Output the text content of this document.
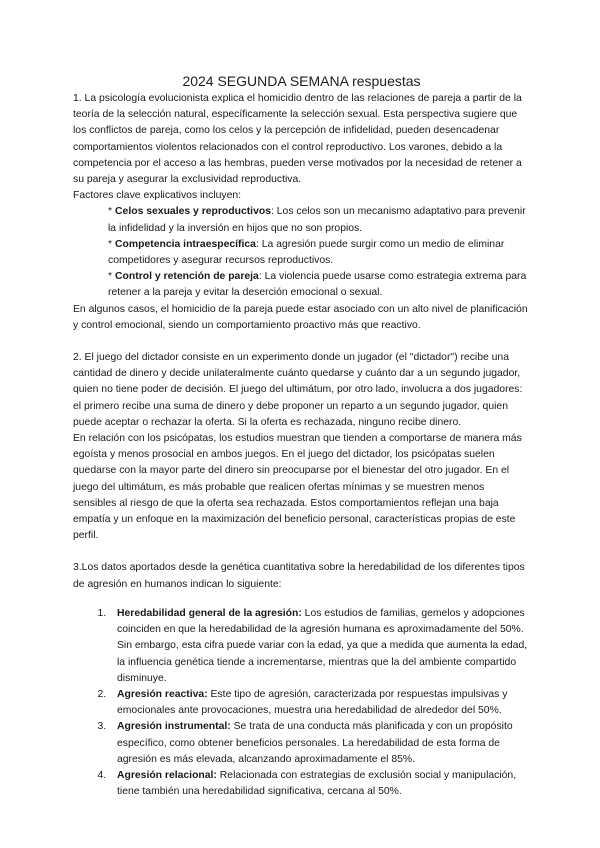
2024 SEGUNDA SEMANA respuestas

1. La psicología evolucionista explica el homicidio dentro de las relaciones de pareja a partir de la teoría de la selección natural, específicamente la selección sexual. Esta perspectiva sugiere que los conflictos de pareja, como los celos y la percepción de infidelidad, pueden desencadenar comportamientos violentos relacionados con el control reproductivo. Los varones, debido a la competencia por el acceso a las hembras, pueden verse motivados por la necesidad de retener a su pareja y asegurar la exclusividad reproductiva.

Factores clave explicativos incluyen:

* Celos sexuales y reproductivos: Los celos son un mecanismo adaptativo para prevenir la infidelidad y la inversión en hijos que no son propios.
* Competencia intraespecífica: La agresión puede surgir como un medio de eliminar competidores y asegurar recursos reproductivos.
* Control y retención de pareja: La violencia puede usarse como estrategia extrema para retener a la pareja y evitar la deserción emocional o sexual.

En algunos casos, el homicidio de la pareja puede estar asociado con un alto nivel de planificación y control emocional, siendo un comportamiento proactivo más que reactivo.

2. El juego del dictador consiste en un experimento donde un jugador (el "dictador") recibe una cantidad de dinero y decide unilateralmente cuánto quedarse y cuánto dar a un segundo jugador, quien no tiene poder de decisión. El juego del ultimátum, por otro lado, involucra a dos jugadores: el primero recibe una suma de dinero y debe proponer un reparto a un segundo jugador, quien puede aceptar o rechazar la oferta. Si la oferta es rechazada, ninguno recibe dinero.

En relación con los psicópatas, los estudios muestran que tienden a comportarse de manera más egoísta y menos prosocial en ambos juegos. En el juego del dictador, los psicópatas suelen quedarse con la mayor parte del dinero sin preocuparse por el bienestar del otro jugador. En el juego del ultimátum, es más probable que realicen ofertas mínimas y se muestren menos sensibles al riesgo de que la oferta sea rechazada. Estos comportamientos reflejan una baja empatía y un enfoque en la maximización del beneficio personal, características propias de este perfil.

3.Los datos aportados desde la genética cuantitativa sobre la heredabilidad de los diferentes tipos de agresión en humanos indican lo siguiente:

1. Heredabilidad general de la agresión: Los estudios de familias, gemelos y adopciones coinciden en que la heredabilidad de la agresión humana es aproximadamente del 50%. Sin embargo, esta cifra puede variar con la edad, ya que a medida que aumenta la edad, la influencia genética tiende a incrementarse, mientras que la del ambiente compartido disminuye.
2. Agresión reactiva: Este tipo de agresión, caracterizada por respuestas impulsivas y emocionales ante provocaciones, muestra una heredabilidad de alrededor del 50%.
3. Agresión instrumental: Se trata de una conducta más planificada y con un propósito específico, como obtener beneficios personales. La heredabilidad de esta forma de agresión es más elevada, alcanzando aproximadamente el 85%.
4. Agresión relacional: Relacionada con estrategias de exclusión social y manipulación, tiene también una heredabilidad significativa, cercana al 50%.
